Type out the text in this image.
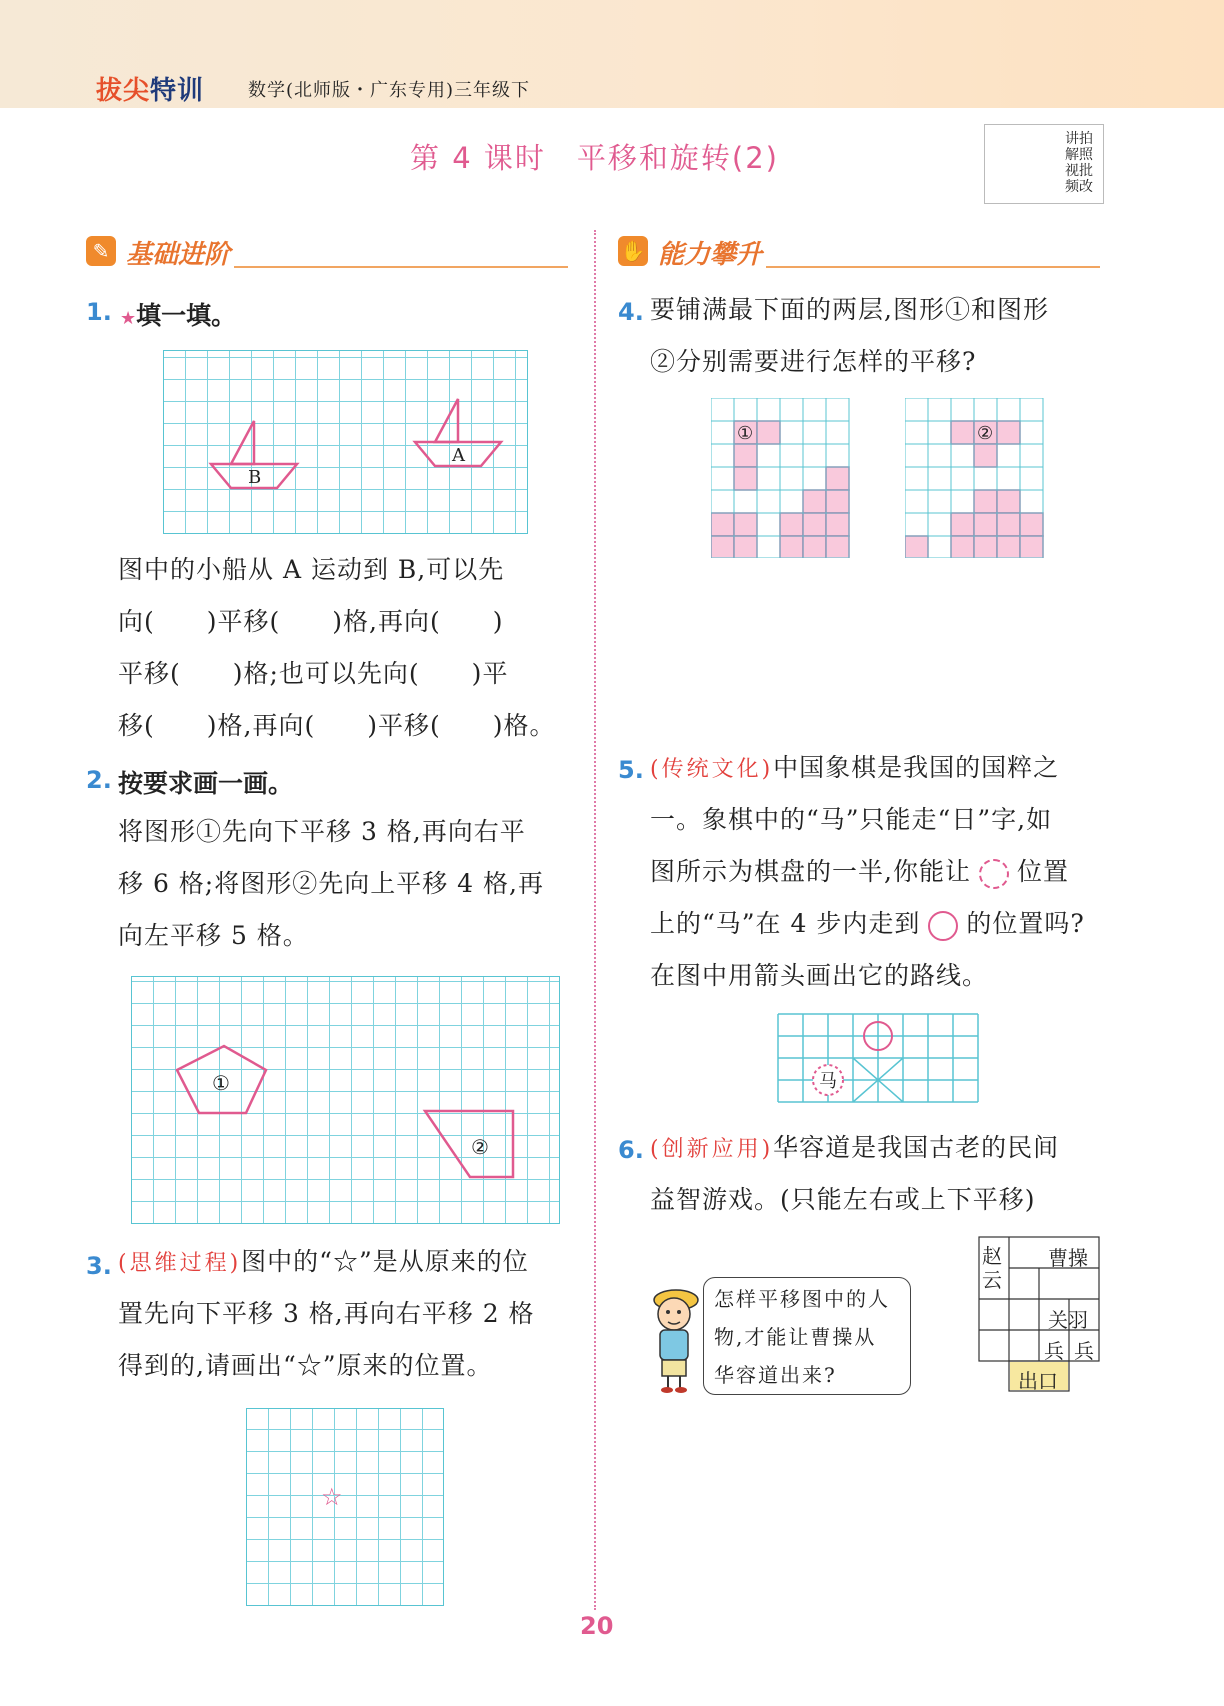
拔尖特训 数学(北师版・广东专用)三年级下
第 4 课时　平移和旋转(2)
讲拍
解照
视批
频改
✎ 基础进阶	✋ 能力攀升
1. ★填一填。
B
A
图中的小船从 A 运动到 B,可以先
向(　　)平移(　　)格,再向(　　)
平移(　　)格;也可以先向(　　)平
移(　　)格,再向(　　)平移(　　)格。
2. 按要求画一画。
将图形①先向下平移 3 格,再向右平
移 6 格;将图形②先向上平移 4 格,再
向左平移 5 格。
①
②
3. (思维过程)图中的“☆”是从原来的位
置先向下平移 3 格,再向右平移 2 格
得到的,请画出“☆”原来的位置。
☆
4. 要铺满最下面的两层,图形①和图形
②分别需要进行怎样的平移?
①	②
5. (传统文化)中国象棋是我国的国粹之
一。象棋中的“马”只能走“日”字,如
图所示为棋盘的一半,你能让 位置
上的“马”在 4 步内走到 的位置吗?
在图中用箭头画出它的路线。
马
6. (创新应用)华容道是我国古老的民间
益智游戏。(只能左右或上下平移)
怎样平移图中的人
物,才能让曹操从
华容道出来?
赵
云
曹操
关羽
兵 兵
出口
20
